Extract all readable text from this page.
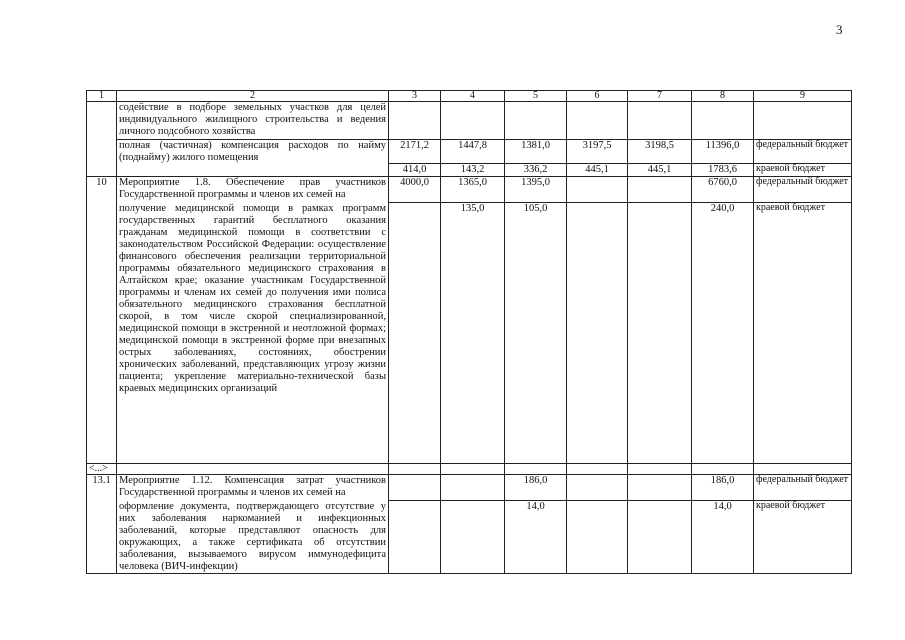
3
1	2	3	4	5	6	7	8	9
	содействие в подборе земельных участков для целей индивидуального жилищного строительства и ведения личного подсобного хозяйства							
	полная (частичная) компенсация расходов по найму (поднайму) жилого помещения	2171,2	1447,8	1381,0	3197,5	3198,5	11396,0	федеральный бюджет
		414,0	143,2	336,2	445,1	445,1	1783,6	краевой бюджет
10	Мероприятие 1.8. Обеспечение прав участников Государственной программы и членов их семей на	4000,0	1365,0	1395,0			6760,0	федеральный бюджет
	получение медицинской помощи в рамках программ государственных гарантий бесплатного оказания гражданам медицинской помощи в соответствии с законодательством Российской Федерации: осуществление финансового обеспечения реализации территориальной программы обязательного медицинского страхования в Алтайском крае; оказание участникам Государственной программы и членам их семей до получения ими полиса обязательного медицинского страхования бесплатной скорой, в том числе скорой специализированной, медицинской помощи в экстренной и неотложной формах; медицинской помощи в экстренной форме при внезапных острых заболеваниях, состояниях, обострении хронических заболеваний, представляющих угрозу жизни пациента; укрепление материально-технической базы краевых медицинских организаций		135,0	105,0			240,0	краевой бюджет
<...>								
13.1	Мероприятие 1.12. Компенсация затрат участников Государственной программы и членов их семей на			186,0			186,0	федеральный бюджет
	оформление документа, подтверждающего отсутствие у них заболевания наркоманией и инфекционных заболеваний, которые представляют опасность для окружающих, а также сертификата об отсутствии заболевания, вызываемого вирусом иммунодефицита человека (ВИЧ-инфекции)			14,0			14,0	краевой бюджет
